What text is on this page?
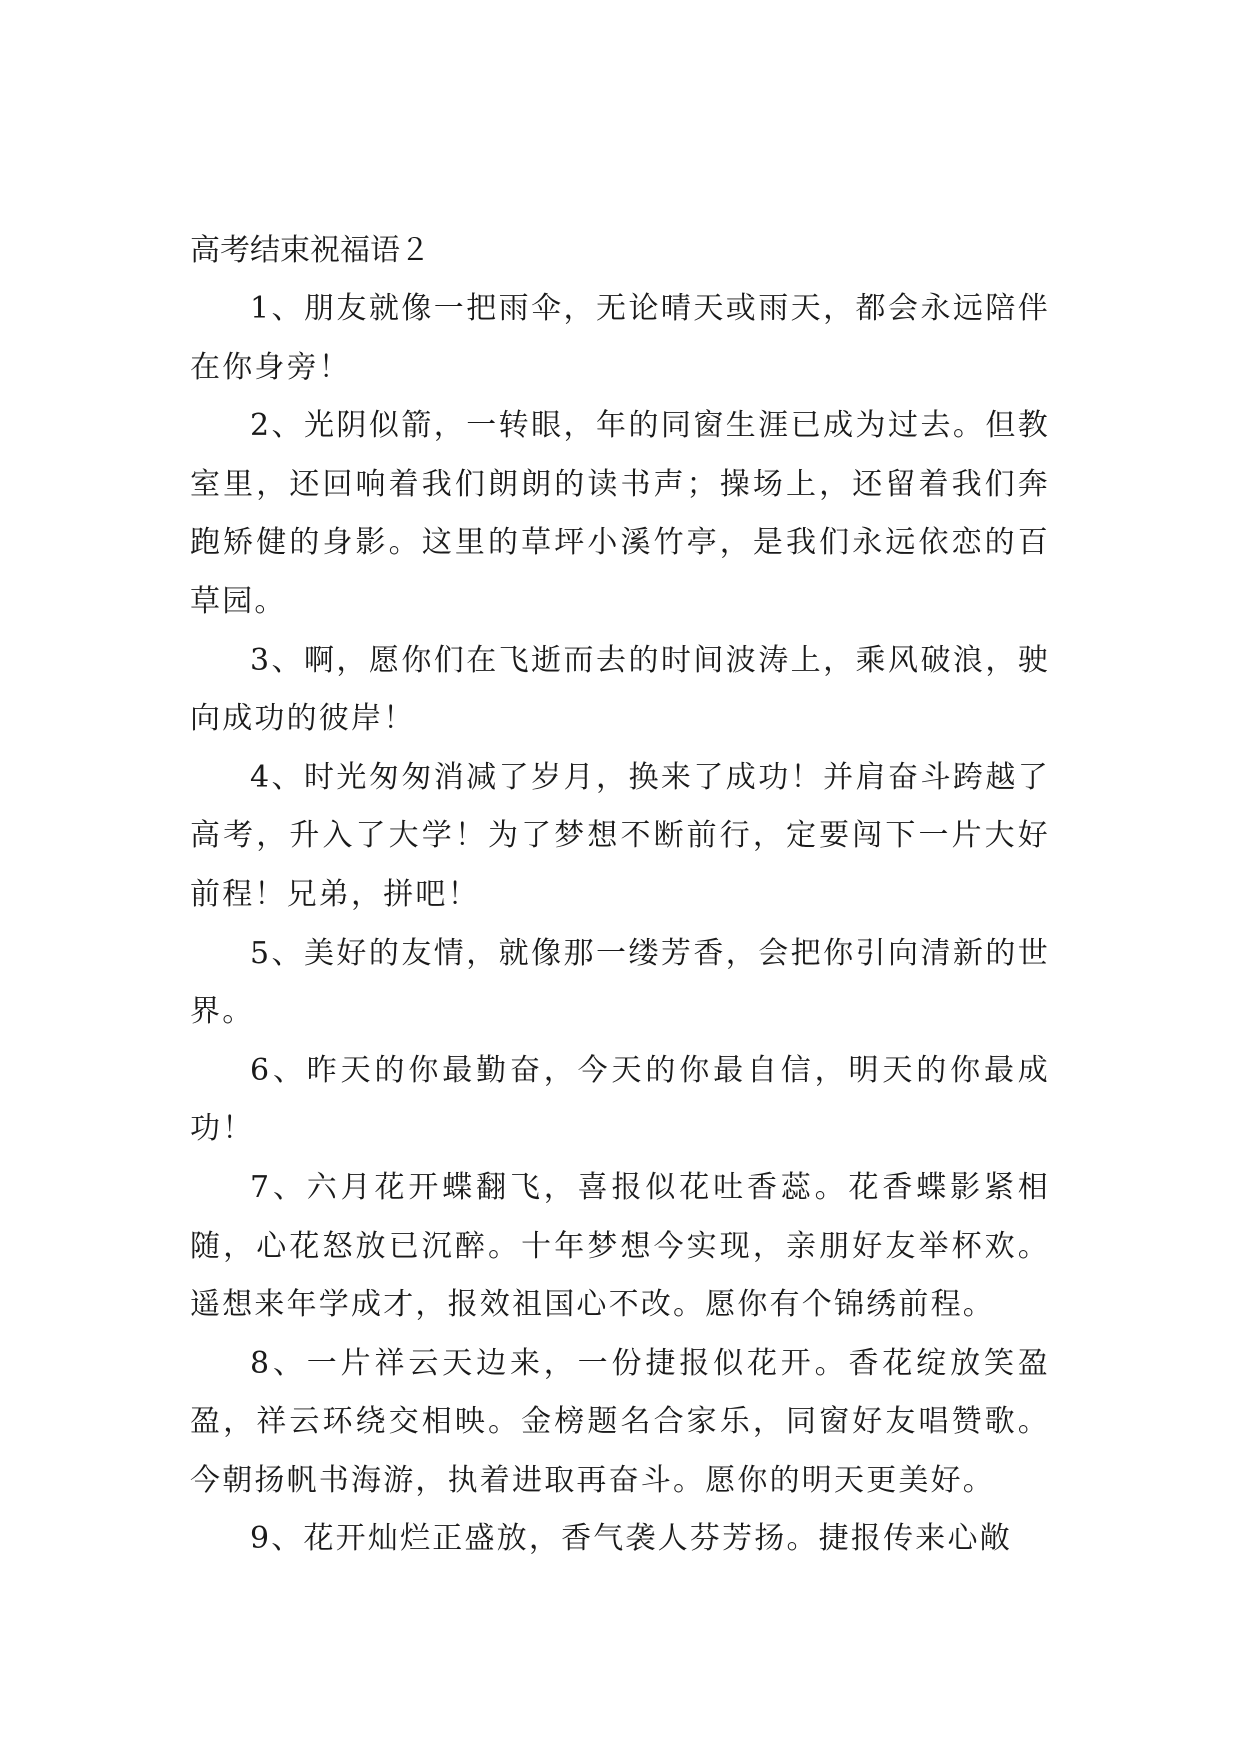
高考结束祝福语２

1、朋友就像一把雨伞，无论晴天或雨天，都会永远陪伴在你身旁！

2、光阴似箭，一转眼，年的同窗生涯已成为过去。但教室里，还回响着我们朗朗的读书声；操场上，还留着我们奔跑矫健的身影。这里的草坪小溪竹亭，是我们永远依恋的百草园。

3、啊，愿你们在飞逝而去的时间波涛上，乘风破浪，驶向成功的彼岸！

4、时光匆匆消减了岁月，换来了成功！并肩奋斗跨越了高考，升入了大学！为了梦想不断前行，定要闯下一片大好前程！兄弟，拼吧！

5、美好的友情，就像那一缕芳香，会把你引向清新的世界。

6、昨天的你最勤奋，今天的你最自信，明天的你最成功！

7、六月花开蝶翻飞，喜报似花吐香蕊。花香蝶影紧相随，心花怒放已沉醉。十年梦想今实现，亲朋好友举杯欢。遥想来年学成才，报效祖国心不改。愿你有个锦绣前程。

8、一片祥云天边来，一份捷报似花开。香花绽放笑盈盈，祥云环绕交相映。金榜题名合家乐，同窗好友唱赞歌。今朝扬帆书海游，执着进取再奋斗。愿你的明天更美好。

9、花开灿烂正盛放，香气袭人芬芳扬。捷报传来心敞
